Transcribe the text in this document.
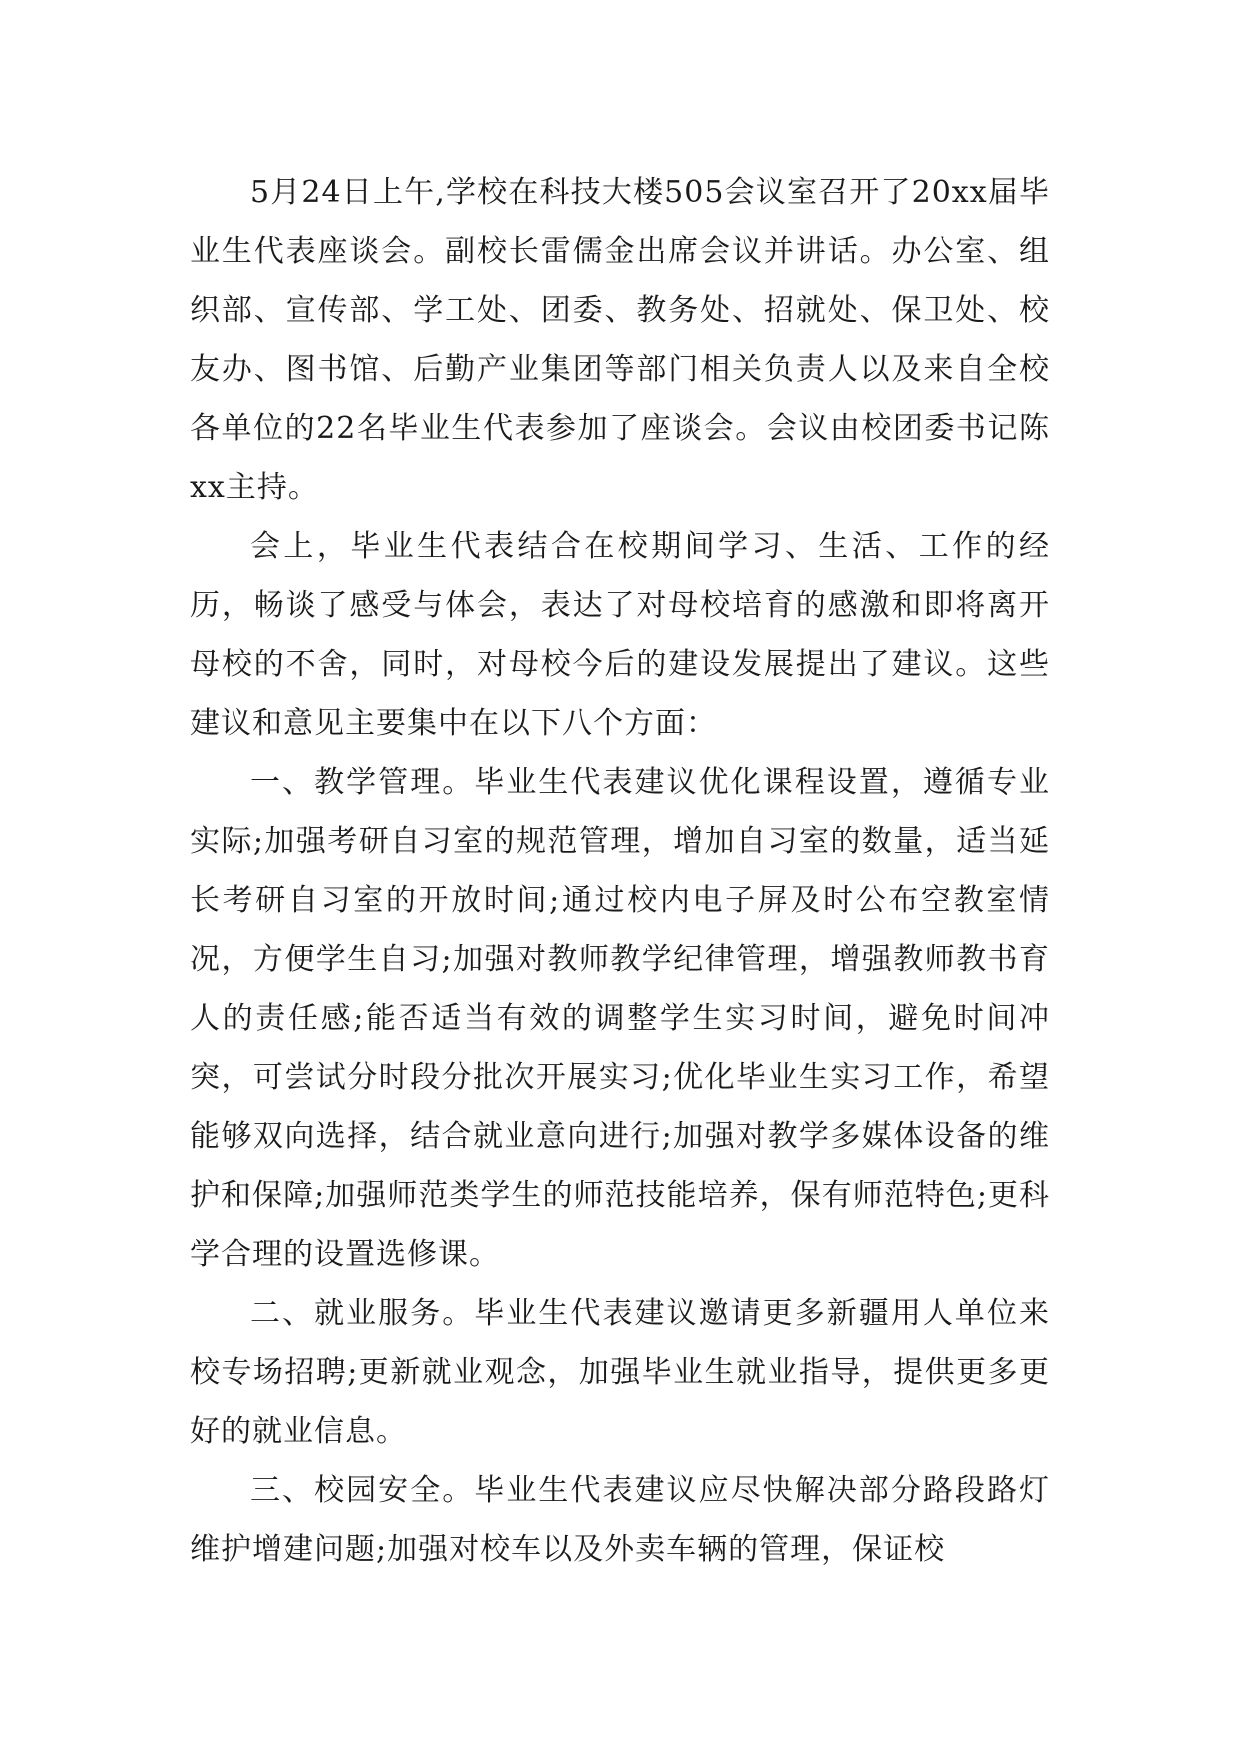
5月24日上午,学校在科技大楼505会议室召开了20xx届毕业生代表座谈会。副校长雷儒金出席会议并讲话。办公室、组织部、宣传部、学工处、团委、教务处、招就处、保卫处、校友办、图书馆、后勤产业集团等部门相关负责人以及来自全校各单位的22名毕业生代表参加了座谈会。会议由校团委书记陈xx主持。

会上，毕业生代表结合在校期间学习、生活、工作的经历，畅谈了感受与体会，表达了对母校培育的感激和即将离开母校的不舍，同时，对母校今后的建设发展提出了建议。这些建议和意见主要集中在以下八个方面：

一、教学管理。毕业生代表建议优化课程设置，遵循专业实际;加强考研自习室的规范管理，增加自习室的数量，适当延长考研自习室的开放时间;通过校内电子屏及时公布空教室情况，方便学生自习;加强对教师教学纪律管理，增强教师教书育人的责任感;能否适当有效的调整学生实习时间，避免时间冲突，可尝试分时段分批次开展实习;优化毕业生实习工作，希望能够双向选择，结合就业意向进行;加强对教学多媒体设备的维护和保障;加强师范类学生的师范技能培养，保有师范特色;更科学合理的设置选修课。

二、就业服务。毕业生代表建议邀请更多新疆用人单位来校专场招聘;更新就业观念，加强毕业生就业指导，提供更多更好的就业信息。

三、校园安全。毕业生代表建议应尽快解决部分路段路灯维护增建问题;加强对校车以及外卖车辆的管理，保证校
